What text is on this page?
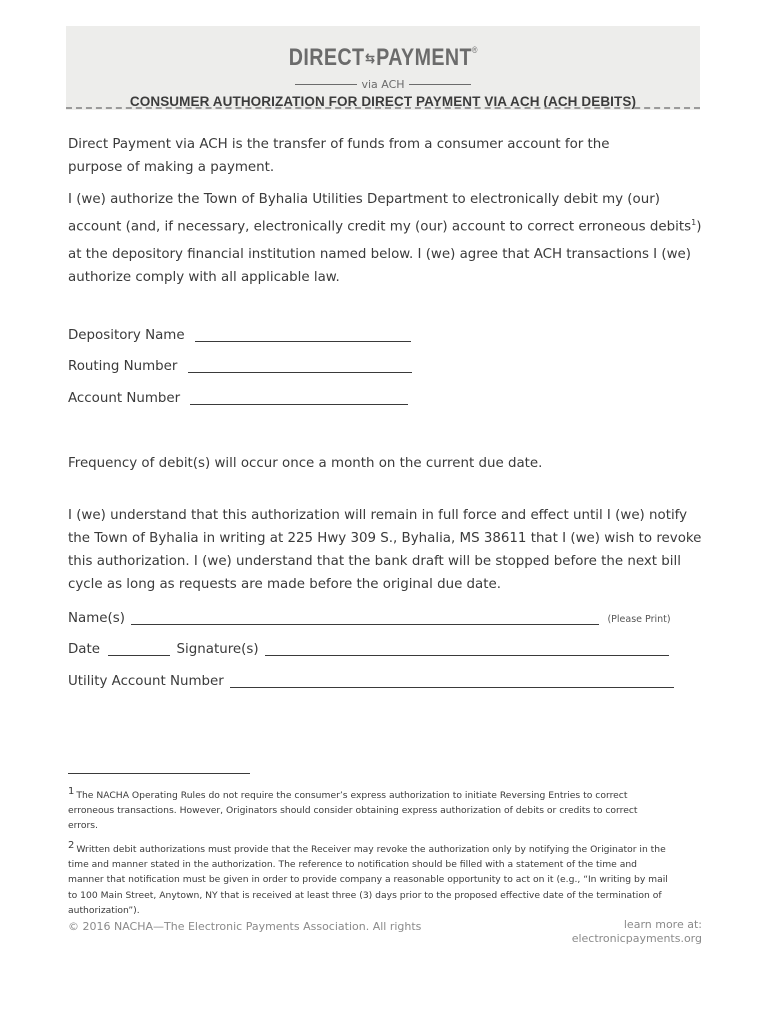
DIRECT⇆PAYMENT®
via ACH
CONSUMER AUTHORIZATION FOR DIRECT PAYMENT VIA ACH (ACH DEBITS)
Direct Payment via ACH is the transfer of funds from a consumer account for the
purpose of making a payment.
I (we) authorize the Town of Byhalia Utilities Department to electronically debit my (our)
account (and, if necessary, electronically credit my (our) account to correct erroneous debits$^1$)
at the depository financial institution named below. I (we) agree that ACH transactions I (we)
authorize comply with all applicable law.
Depository Name
Routing Number
Account Number
Frequency of debit(s) will occur once a month on the current due date.
I (we) understand that this authorization will remain in full force and effect until I (we) notify
the Town of Byhalia in writing at 225 Hwy 309 S., Byhalia, MS 38611 that I (we) wish to revoke
this authorization. I (we) understand that the bank draft will be stopped before the next bill
cycle as long as requests are made before the original due date.
Name(s)	(Please Print)
Date	Signature(s)
Utility Account Number
1 The NACHA Operating Rules do not require the consumer’s express authorization to initiate Reversing Entries to correct
erroneous transactions. However, Originators should consider obtaining express authorization of debits or credits to correct
errors.
2 Written debit authorizations must provide that the Receiver may revoke the authorization only by notifying the Originator in the
time and manner stated in the authorization. The reference to notification should be filled with a statement of the time and
manner that notification must be given in order to provide company a reasonable opportunity to act on it (e.g., “In writing by mail
to 100 Main Street, Anytown, NY that is received at least three (3) days prior to the proposed effective date of the termination of
authorization”).
© 2016 NACHA—The Electronic Payments Association. All rights	learn more at:
electronicpayments.org
